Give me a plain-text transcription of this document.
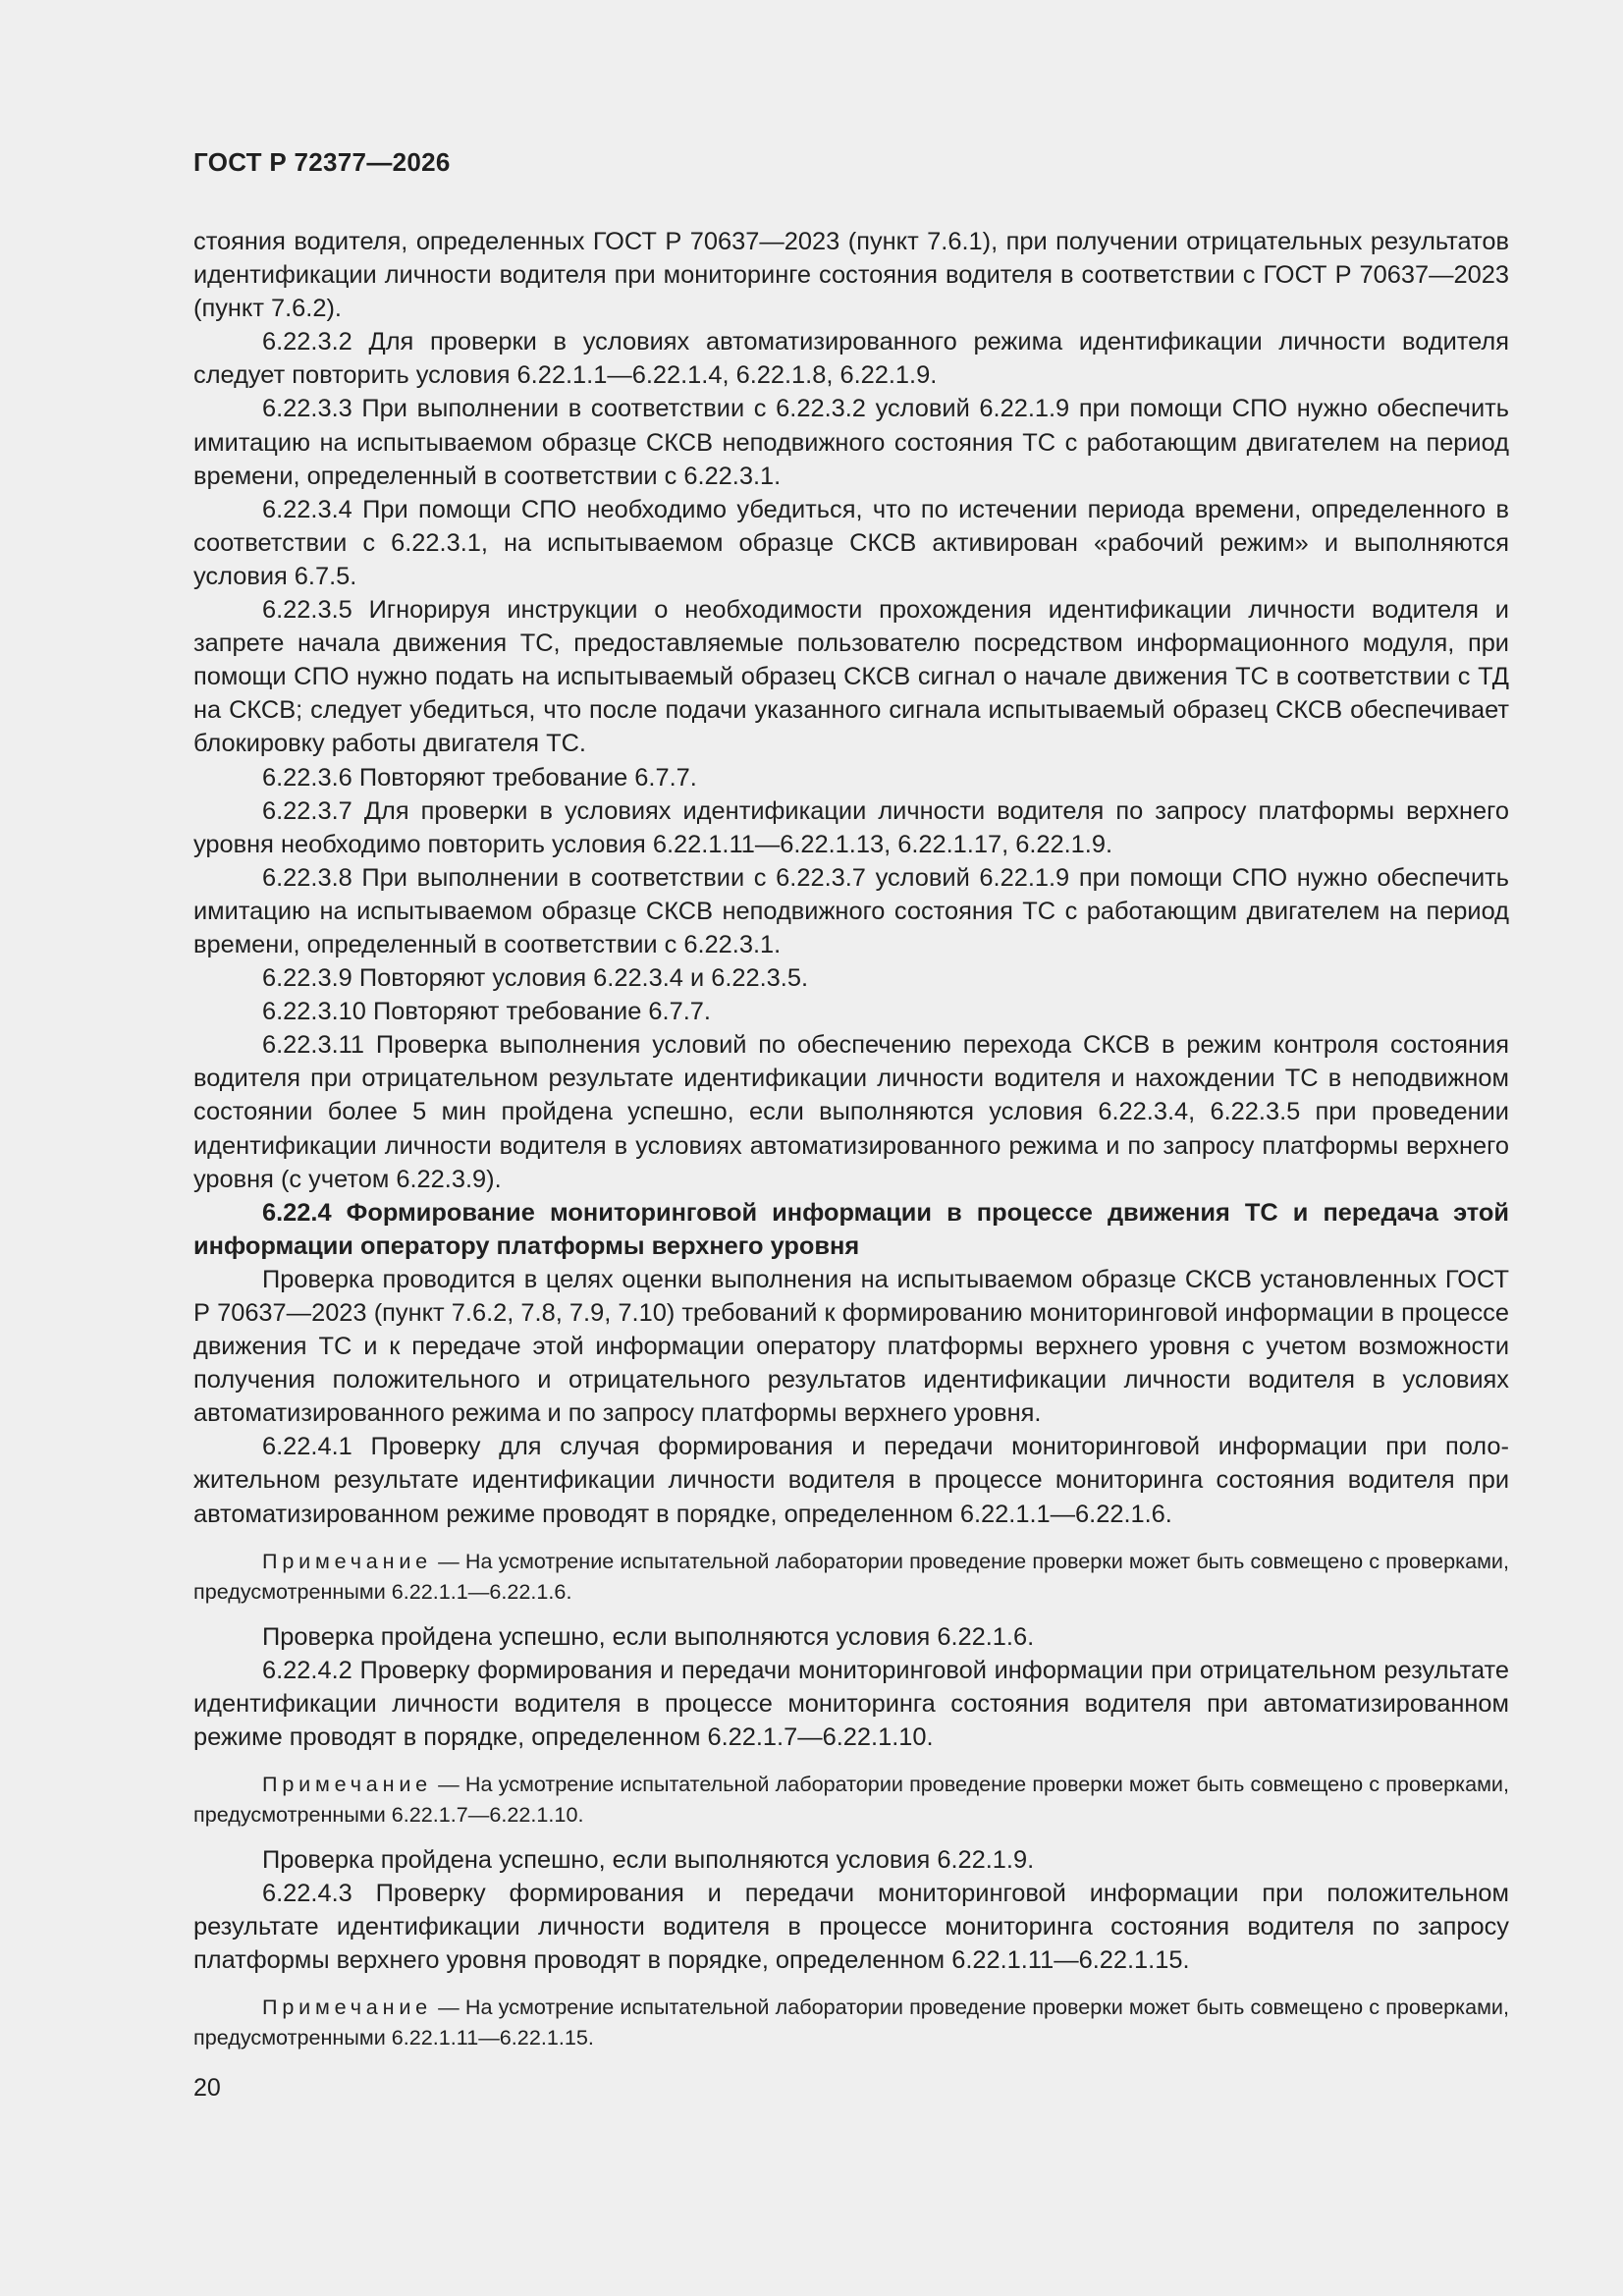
ГОСТ Р 72377—2026

стояния водителя, определенных ГОСТ Р 70637—2023 (пункт 7.6.1), при получении отрицательных результатов идентификации личности водителя при мониторинге состояния водителя в соответствии с ГОСТ Р 70637—2023 (пункт 7.6.2).

6.22.3.2 Для проверки в условиях автоматизированного режима идентификации личности водителя следует повторить условия 6.22.1.1—6.22.1.4, 6.22.1.8, 6.22.1.9.

6.22.3.3 При выполнении в соответствии с 6.22.3.2 условий 6.22.1.9 при помощи СПО нужно обеспечить имитацию на испытываемом образце СКСВ неподвижного состояния ТС с работающим двигателем на период времени, определенный в соответствии с 6.22.3.1.

6.22.3.4 При помощи СПО необходимо убедиться, что по истечении периода времени, определенного в соответствии с 6.22.3.1, на испытываемом образце СКСВ активирован «рабочий режим» и выполняются условия 6.7.5.

6.22.3.5 Игнорируя инструкции о необходимости прохождения идентификации личности водителя и запрете начала движения ТС, предоставляемые пользователю посредством информационного модуля, при помощи СПО нужно подать на испытываемый образец СКСВ сигнал о начале движения ТС в соответствии с ТД на СКСВ; следует убедиться, что после подачи указанного сигнала испытываемый образец СКСВ обеспечивает блокировку работы двигателя ТС.

6.22.3.6 Повторяют требование 6.7.7.

6.22.3.7 Для проверки в условиях идентификации личности водителя по запросу платформы верхнего уровня необходимо повторить условия 6.22.1.11—6.22.1.13, 6.22.1.17, 6.22.1.9.

6.22.3.8 При выполнении в соответствии с 6.22.3.7 условий 6.22.1.9 при помощи СПО нужно обеспечить имитацию на испытываемом образце СКСВ неподвижного состояния ТС с работающим двигателем на период времени, определенный в соответствии с 6.22.3.1.

6.22.3.9 Повторяют условия 6.22.3.4 и 6.22.3.5.

6.22.3.10 Повторяют требование 6.7.7.

6.22.3.11 Проверка выполнения условий по обеспечению перехода СКСВ в режим контроля состояния водителя при отрицательном результате идентификации личности водителя и нахождении ТС в неподвижном состоянии более 5 мин пройдена успешно, если выполняются условия 6.22.3.4, 6.22.3.5 при проведении идентификации личности водителя в условиях автоматизированного режима и по запросу платформы верхнего уровня (с учетом 6.22.3.9).

6.22.4 Формирование мониторинговой информации в процессе движения ТС и передача этой информации оператору платформы верхнего уровня

Проверка проводится в целях оценки выполнения на испытываемом образце СКСВ установленных ГОСТ Р 70637—2023 (пункт 7.6.2, 7.8, 7.9, 7.10) требований к формированию мониторинговой информации в процессе движения ТС и к передаче этой информации оператору платформы верхнего уровня с учетом возможности получения положительного и отрицательного результатов идентификации личности водителя в условиях автоматизированного режима и по запросу платформы верхнего уровня.

6.22.4.1 Проверку для случая формирования и передачи мониторинговой информации при положительном результате идентификации личности водителя в процессе мониторинга состояния водителя при автоматизированном режиме проводят в порядке, определенном 6.22.1.1—6.22.1.6.

Примечание — На усмотрение испытательной лаборатории проведение проверки может быть совмещено с проверками, предусмотренными 6.22.1.1—6.22.1.6.

Проверка пройдена успешно, если выполняются условия 6.22.1.6.

6.22.4.2 Проверку формирования и передачи мониторинговой информации при отрицательном результате идентификации личности водителя в процессе мониторинга состояния водителя при автоматизированном режиме проводят в порядке, определенном 6.22.1.7—6.22.1.10.

Примечание — На усмотрение испытательной лаборатории проведение проверки может быть совмещено с проверками, предусмотренными 6.22.1.7—6.22.1.10.

Проверка пройдена успешно, если выполняются условия 6.22.1.9.

6.22.4.3 Проверку формирования и передачи мониторинговой информации при положительном результате идентификации личности водителя в процессе мониторинга состояния водителя по запросу платформы верхнего уровня проводят в порядке, определенном 6.22.1.11—6.22.1.15.

Примечание — На усмотрение испытательной лаборатории проведение проверки может быть совмещено с проверками, предусмотренными 6.22.1.11—6.22.1.15.

20
